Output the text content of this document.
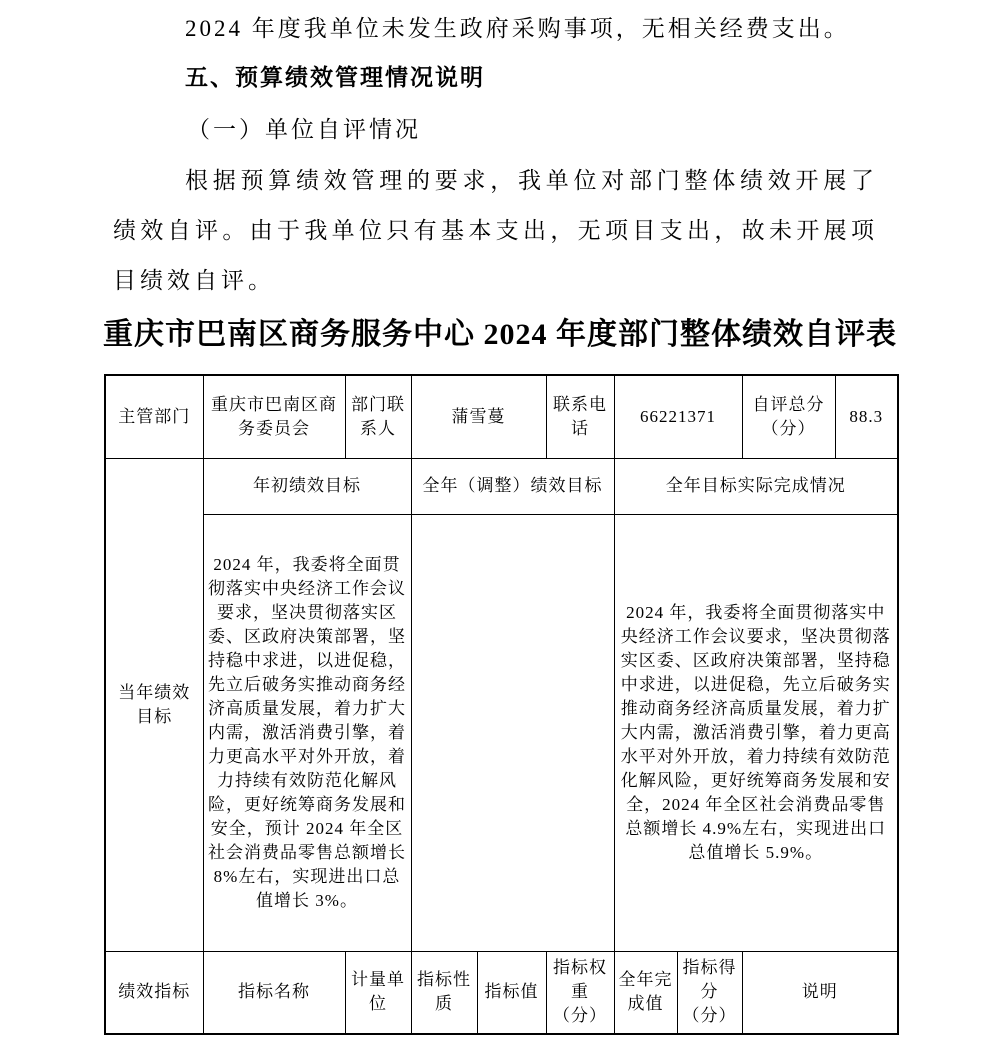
2024 年度我单位未发生政府采购事项，无相关经费支出。

五、预算绩效管理情况说明
（一）单位自评情况

根据预算绩效管理的要求，我单位对部门整体绩效开展了绩效自评。由于我单位只有基本支出，无项目支出，故未开展项目绩效自评。

重庆市巴南区商务服务中心 2024 年度部门整体绩效自评表
主管部门	重庆市巴南区商务委员会	部门联系人	蒲雪蔓		联系电话	66221371		自评总分（分）	88.3
当年绩效目标	年初绩效目标		全年（调整）绩效目标			全年目标实际完成情况			
	2024 年，我委将全面贯彻落实中央经济工作会议要求，坚决贯彻落实区委、区政府决策部署，坚持稳中求进，以进促稳，先立后破务实推动商务经济高质量发展，着力扩大内需，激活消费引擎，着力更高水平对外开放，着力持续有效防范化解风险，更好统筹商务发展和安全，预计 2024 年全区社会消费品零售总额增长 8%左右，实现进出口总值增长 3%。					2024 年，我委将全面贯彻落实中央经济工作会议要求，坚决贯彻落实区委、区政府决策部署，坚持稳中求进，以进促稳，先立后破务实推动商务经济高质量发展，着力扩大内需，激活消费引擎，着力更高水平对外开放，着力持续有效防范化解风险，更好统筹商务发展和安全，2024 年全区社会消费品零售总额增长 4.9%左右，实现进出口总值增长 5.9%。			
绩效指标	指标名称	计量单位	指标性质	指标值	指标权重（分）	全年完成值	指标得分（分）	说明	
